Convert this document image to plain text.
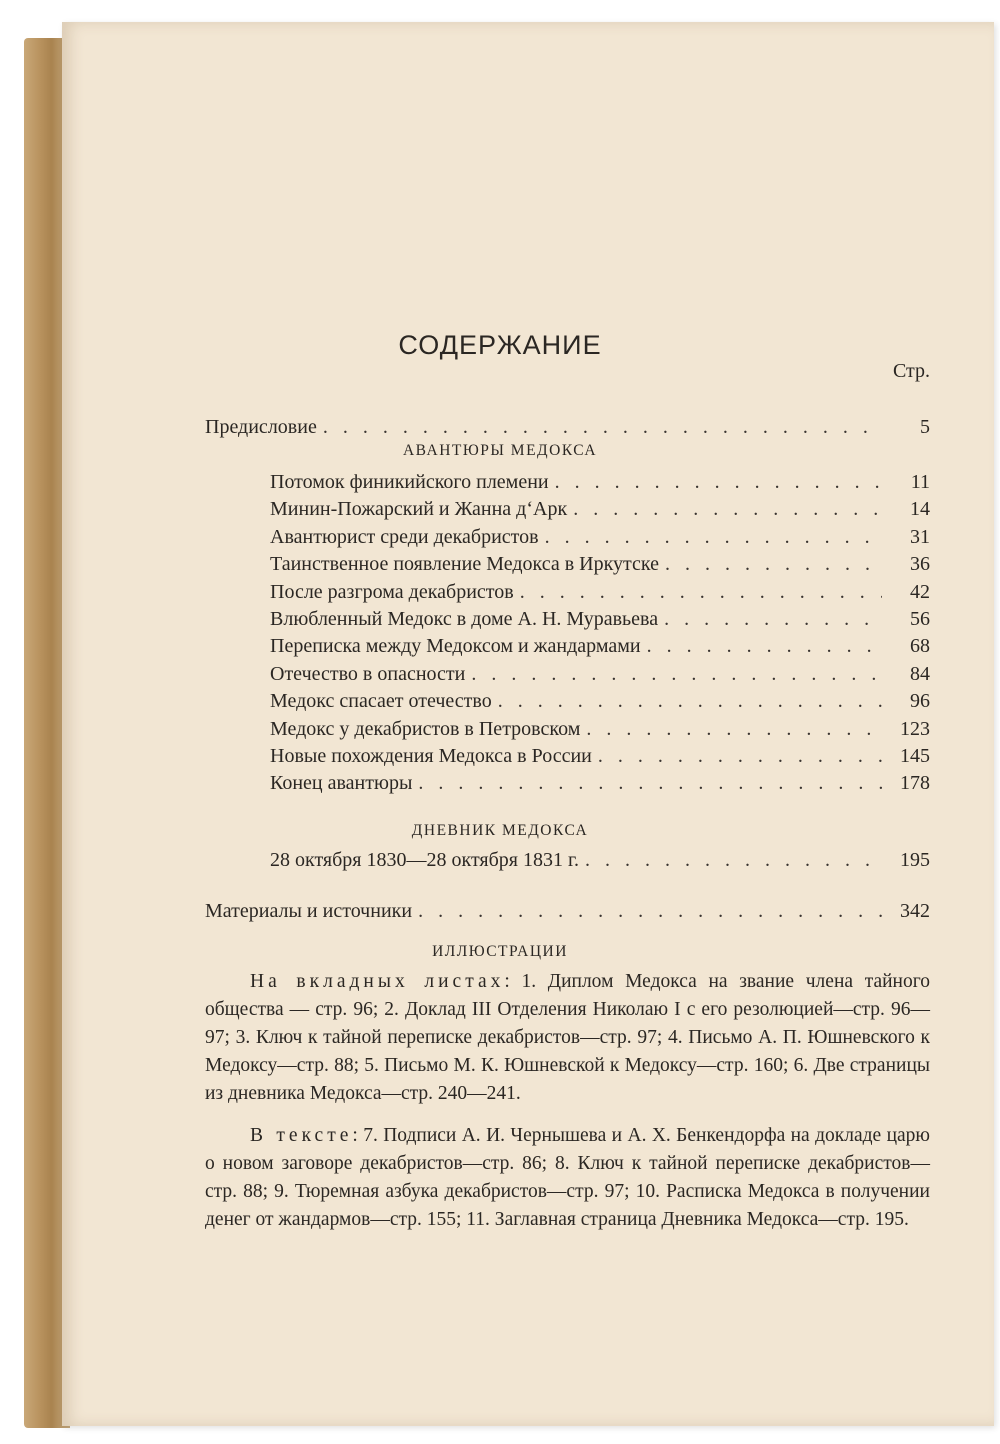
СОДЕРЖАНИЕ
Стр.
Предисловие . . .	5
АВАНТЮРЫ МЕДОКСА
Потомок финикийского племени . . .	11
Минин-Пожарский и Жанна д‘Арк . . .	14
Авантюрист среди декабристов . . .	31
Таинственное появление Медокса в Иркутске . . .	36
После разгрома декабристов . . .	42
Влюбленный Медокс в доме А. Н. Муравьева . . .	56
Переписка между Медоксом и жандармами . . .	68
Отечество в опасности . . .	84
Медокс спасает отечество . . .	96
Медокс у декабристов в Петровском . . .	123
Новые похождения Медокса в России . . .	145
Конец авантюры . . .	178
ДНЕВНИК МЕДОКСА
28 октября 1830—28 октября 1831 г. . . .	195
Материалы и источники . . .	342
ИЛЛЮСТРАЦИИ

На вкладных листах: 1. Диплом Медокса на звание члена тайного общества — стр. 96; 2. Доклад III Отделения Николаю I с его резолюцией—стр. 96—97; 3. Ключ к тайной переписке декабристов—стр. 97; 4. Письмо А. П. Юшневского к Медоксу—стр. 88; 5. Письмо М. К. Юшневской к Медоксу—стр. 160; 6. Две страницы из дневника Медокса—стр. 240—241.

В тексте: 7. Подписи А. И. Чернышева и А. Х. Бенкендорфа на докладе царю о новом заговоре декабристов—стр. 86; 8. Ключ к тайной переписке декабристов—стр. 88; 9. Тюремная азбука декабристов—стр. 97; 10. Расписка Медокса в получении денег от жандармов—стр. 155; 11. Заглавная страница Дневника Медокса—стр. 195.
